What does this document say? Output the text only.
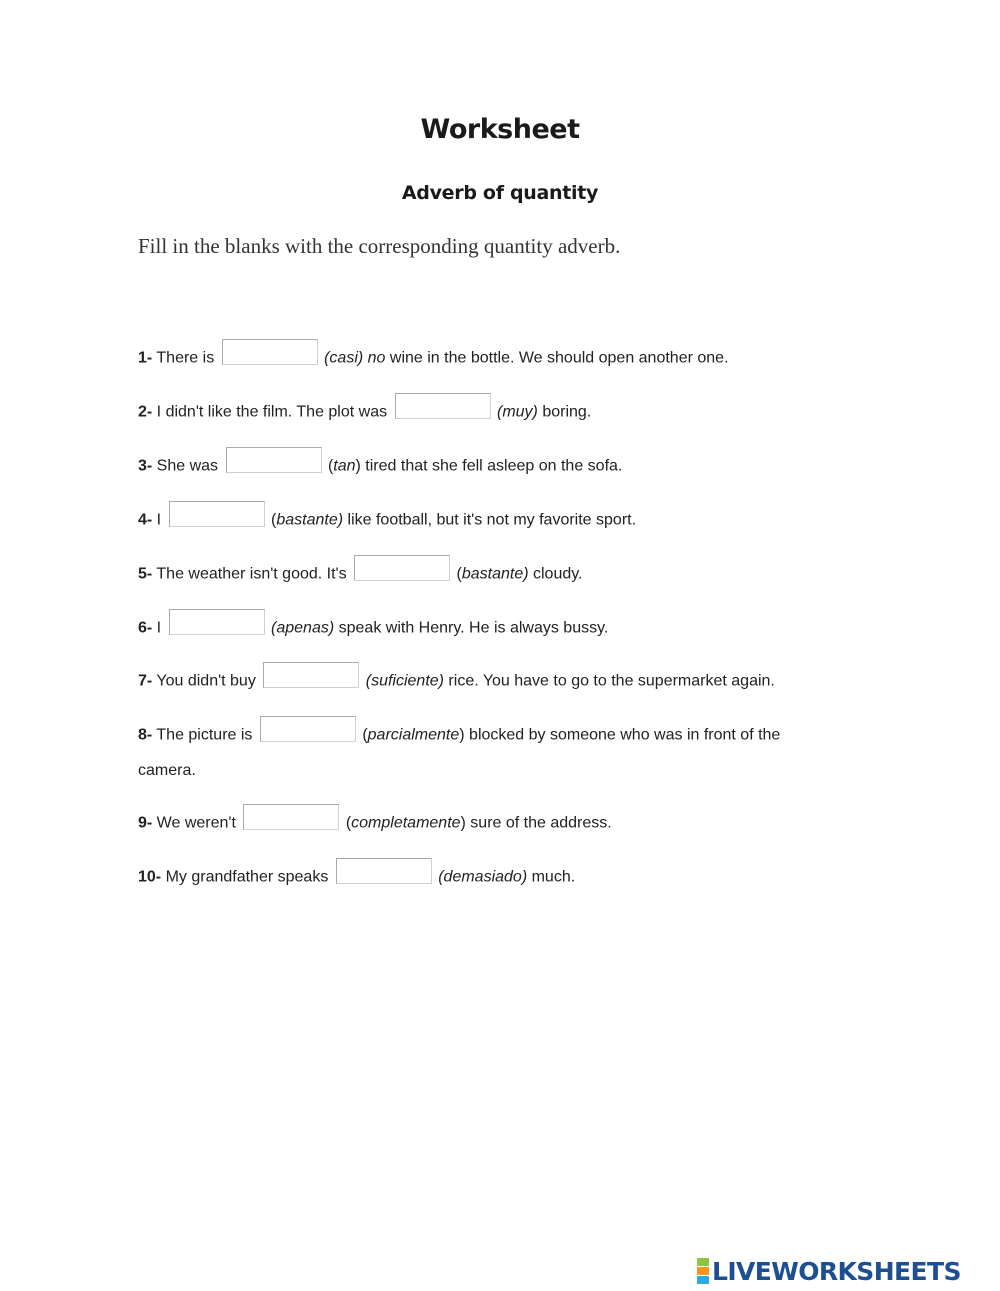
Worksheet
Adverb of quantity
Fill in the blanks with the corresponding quantity adverb.
1- There is	(casi) no wine in the bottle. We should open another one.
2- I didn't like the film. The plot was	(muy) boring.
3- She was	(tan) tired that she fell asleep on the sofa.
4- I	(bastante) like football, but it's not my favorite sport.
5- The weather isn't good. It's	(bastante) cloudy.
6- I	(apenas) speak with Henry. He is always bussy.
7- You didn't buy	(suficiente) rice. You have to go to the supermarket again.
8- The picture is	(parcialmente) blocked by someone who was in front of the camera.
9- We weren't	(completamente) sure of the address.
10- My grandfather speaks	(demasiado) much.
LIVEWORKSHEETS
